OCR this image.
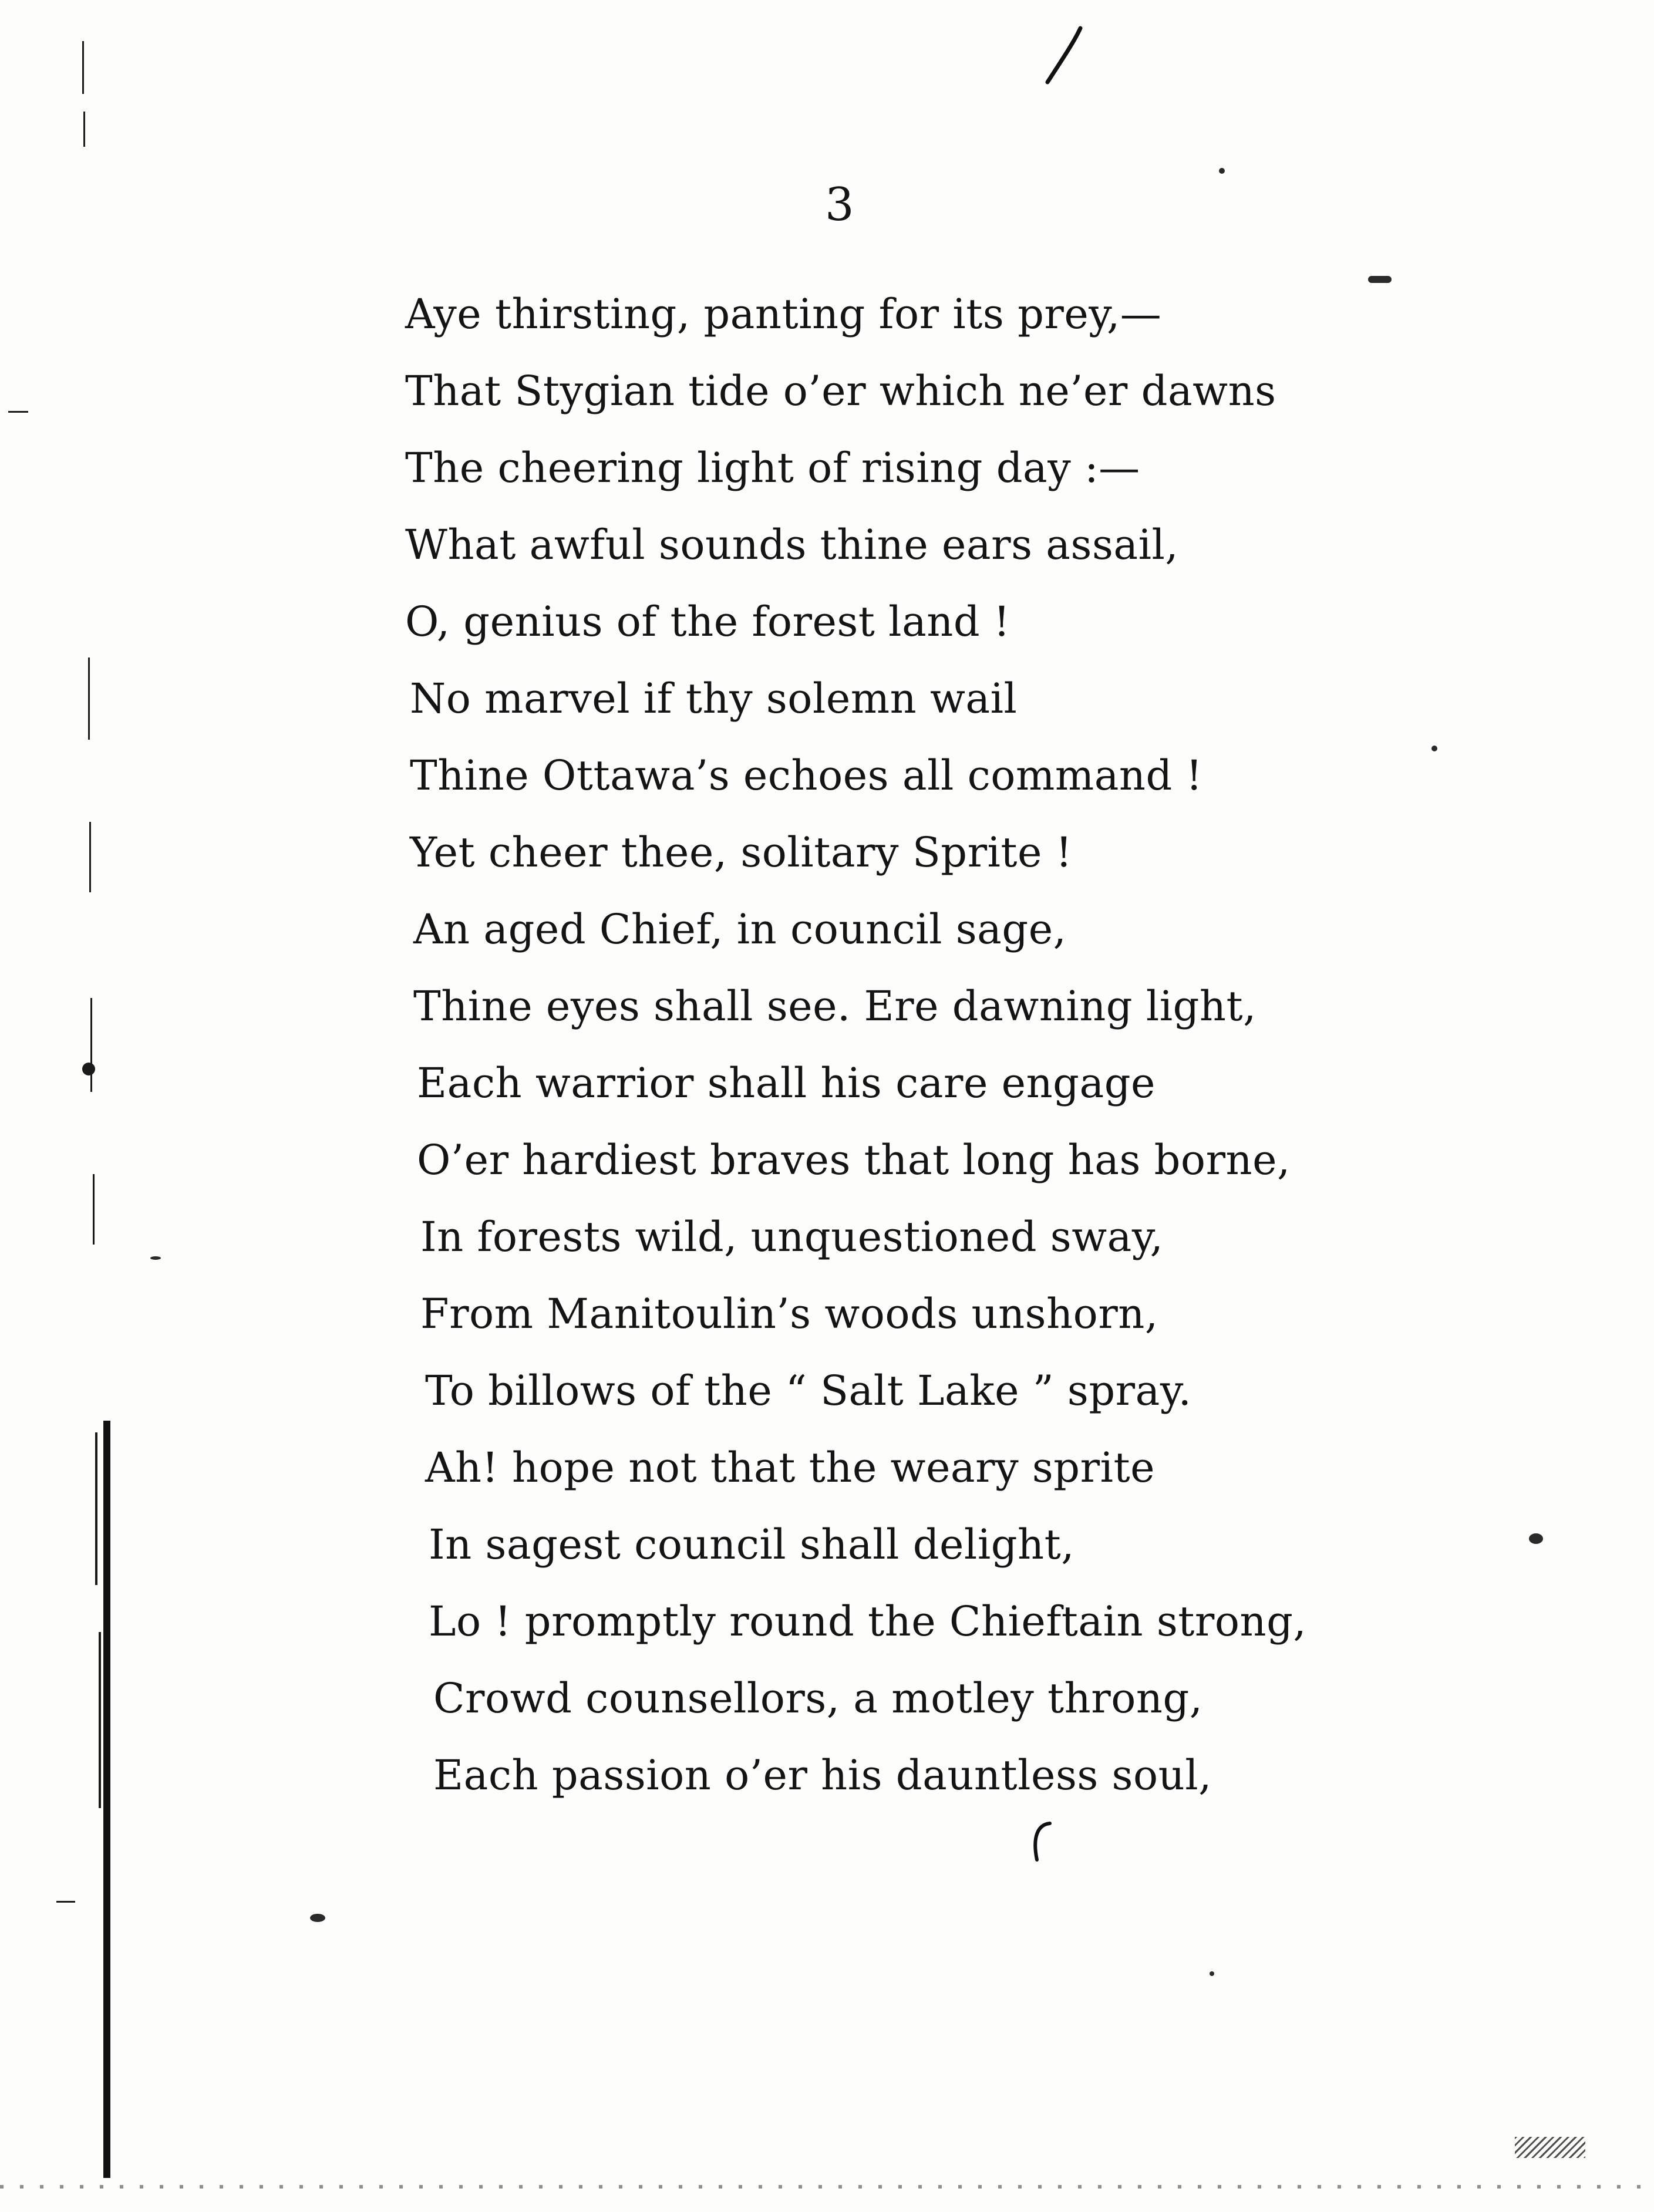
3
Aye thirsting, panting for its prey,—
That Stygian tide o’er which ne’er dawns
The cheering light of rising day :—
What awful sounds thine ears assail,
O, genius of the forest land !
No marvel if thy solemn wail
Thine Ottawa’s echoes all command !
Yet cheer thee, solitary Sprite !
An aged Chief, in council sage,
Thine eyes shall see. Ere dawning light,
Each warrior shall his care engage
O’er hardiest braves that long has borne,
In forests wild, unquestioned sway,
From Manitoulin’s woods unshorn,
To billows of the “ Salt Lake ” spray.
Ah! hope not that the weary sprite
In sagest council shall delight,
Lo ! promptly round the Chieftain strong,
Crowd counsellors, a motley throng,
Each passion o’er his dauntless soul,
